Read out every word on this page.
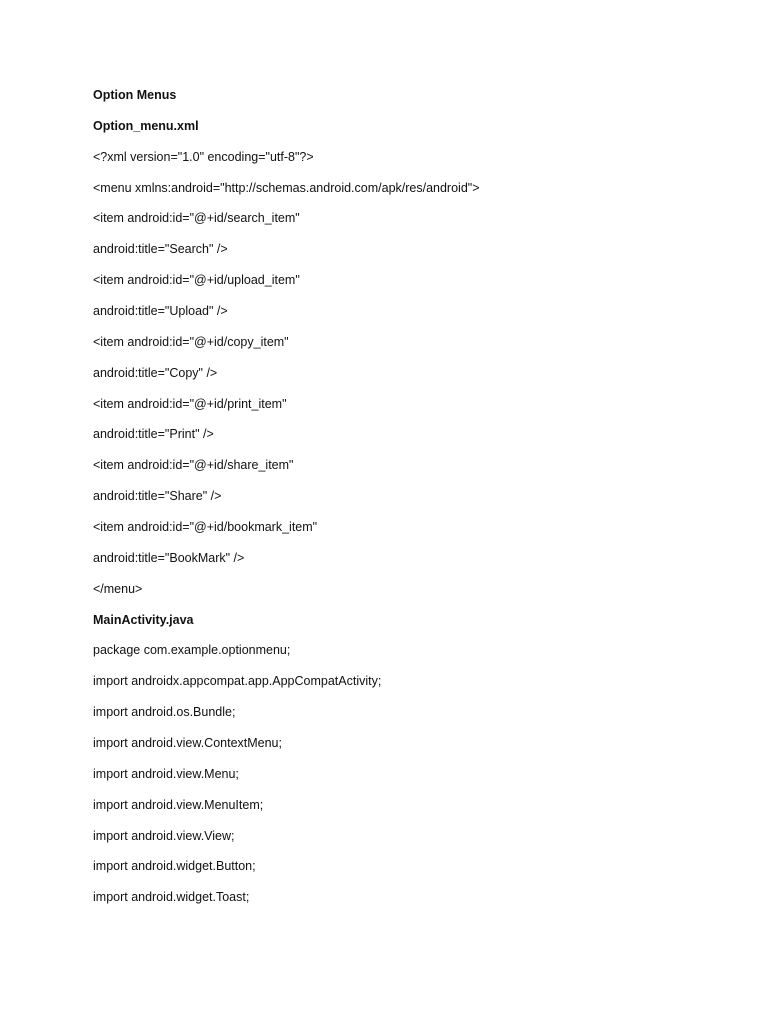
Option Menus
Option_menu.xml
<?xml version="1.0" encoding="utf-8"?>
<menu xmlns:android="http://schemas.android.com/apk/res/android">
<item android:id="@+id/search_item"
android:title="Search" />
<item android:id="@+id/upload_item"
android:title="Upload" />
<item android:id="@+id/copy_item"
android:title="Copy" />
<item android:id="@+id/print_item"
android:title="Print" />
<item android:id="@+id/share_item"
android:title="Share" />
<item android:id="@+id/bookmark_item"
android:title="BookMark" />
</menu>
MainActivity.java
package com.example.optionmenu;
import androidx.appcompat.app.AppCompatActivity;
import android.os.Bundle;
import android.view.ContextMenu;
import android.view.Menu;
import android.view.MenuItem;
import android.view.View;
import android.widget.Button;
import android.widget.Toast;
